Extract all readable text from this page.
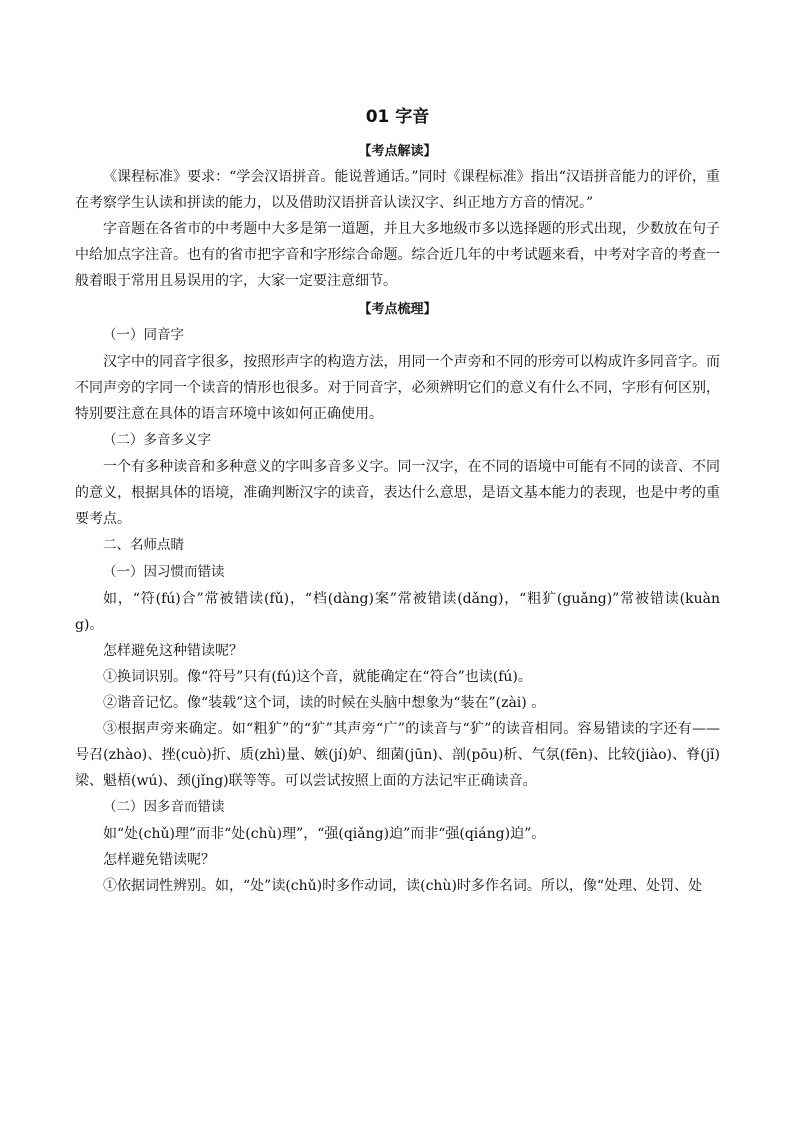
01 字音
【考点解读】

《课程标准》要求：“学会汉语拼音。能说普通话。”同时《课程标准》指出“汉语拼音能力的评价，重在考察学生认读和拼读的能力，以及借助汉语拼音认读汉字、纠正地方方音的情况。”

字音题在各省市的中考题中大多是第一道题，并且大多地级市多以选择题的形式出现，少数放在句子中给加点字注音。也有的省市把字音和字形综合命题。综合近几年的中考试题来看，中考对字音的考查一般着眼于常用且易误用的字，大家一定要注意细节。

【考点梳理】

（一）同音字

汉字中的同音字很多，按照形声字的构造方法，用同一个声旁和不同的形旁可以构成许多同音字。而不同声旁的字同一个读音的情形也很多。对于同音字，必须辨明它们的意义有什么不同，字形有何区别，特别要注意在具体的语言环境中该如何正确使用。

（二）多音多义字

一个有多种读音和多种意义的字叫多音多义字。同一汉字，在不同的语境中可能有不同的读音、不同的意义，根据具体的语境，准确判断汉字的读音，表达什么意思，是语文基本能力的表现，也是中考的重要考点。

二、名师点睛

（一）因习惯而错读

如，“符(fú)合”常被错读(fǔ)，“档(dàng)案”常被错读(dǎng)，“粗犷(guǎng)”常被错读(kuàng)。

怎样避免这种错读呢？

①换词识别。像“符号”只有(fú)这个音，就能确定在“符合”也读(fú)。

②谐音记忆。像“装载”这个词，读的时候在头脑中想象为“装在”(zài) 。

③根据声旁来确定。如“粗犷”的“犷”其声旁“广”的读音与“犷”的读音相同。容易错读的字还有——号召(zhào)、挫(cuò)折、质(zhì)量、嫉(jí)妒、细菌(jūn)、剖(pōu)析、气氛(fēn)、比较(jiào)、脊(jǐ)梁、魁梧(wú)、颈(jǐng)联等等。可以尝试按照上面的方法记牢正确读音。

（二）因多音而错读

如“处(chǔ)理”而非“处(chù)理”，“强(qiǎng)迫”而非“强(qiáng)迫”。

怎样避免错读呢？

①依据词性辨别。如，“处”读(chǔ)时多作动词，读(chù)时多作名词。所以，像“处理、处罚、处
